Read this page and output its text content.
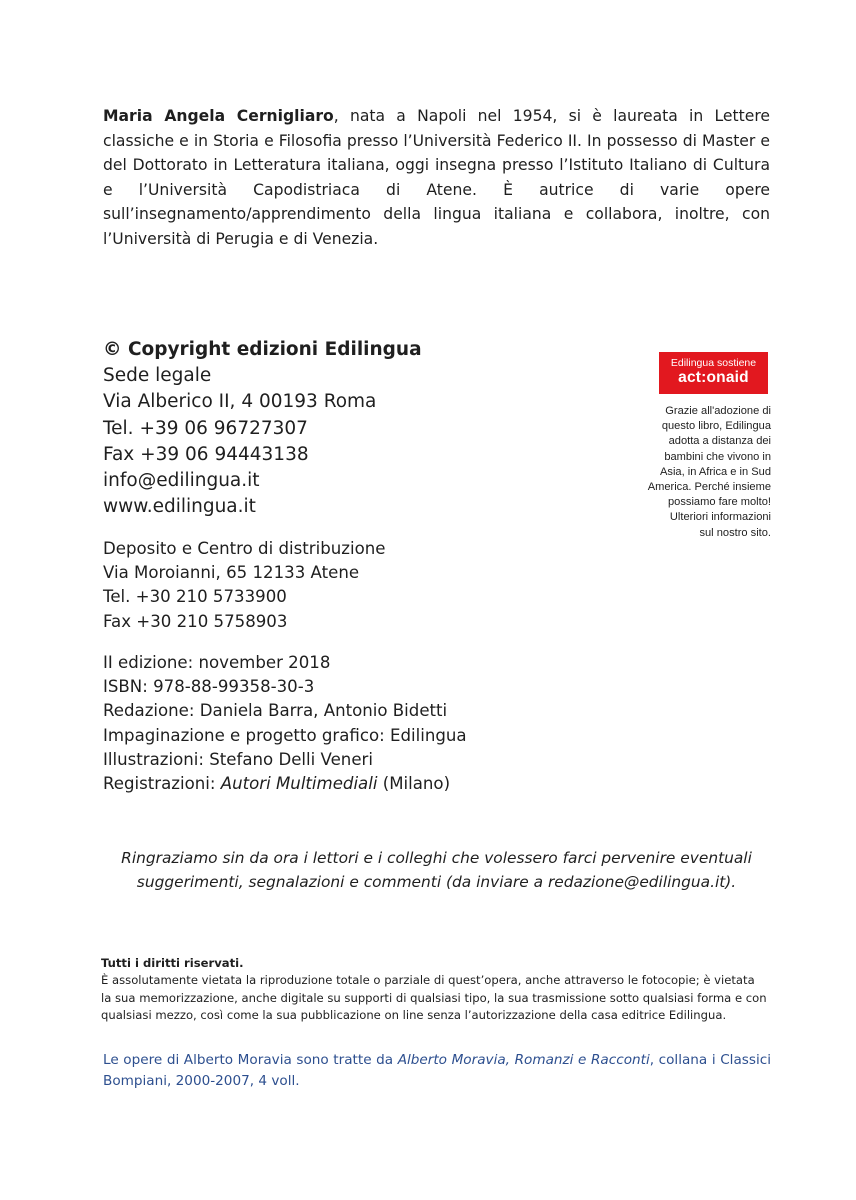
Maria Angela Cernigliaro, nata a Napoli nel 1954, si è laureata in Lettere classiche e in Storia e Filosofia presso l’Università Federico II. In possesso di Master e del Dottorato in Letteratura italiana, oggi insegna presso l’Istituto Italiano di Cultura e l’Università Capodistriaca di Atene. È autrice di varie opere sull’insegnamento/apprendimento della lingua italiana e collabora, inoltre, con l’Università di Perugia e di Venezia.

© Copyright edizioni Edilingua
Sede legale
Via Alberico II, 4 00193 Roma
Tel. +39 06 96727307
Fax +39 06 94443138
info@edilingua.it
www.edilingua.it
Deposito e Centro di distribuzione
Via Moroianni, 65 12133 Atene
Tel. +30 210 5733900
Fax +30 210 5758903
II edizione: november 2018
ISBN: 978-88-99358-30-3
Redazione: Daniela Barra, Antonio Bidetti
Impaginazione e progetto grafico: Edilingua
Illustrazioni: Stefano Delli Veneri
Registrazioni: Autori Multimediali (Milano)
Edilingua sostiene
act:onaid
Grazie all'adozione di
questo libro, Edilingua
adotta a distanza dei
bambini che vivono in
Asia, in Africa e in Sud
America. Perché insieme
possiamo fare molto!
Ulteriori informazioni
sul nostro sito.
Ringraziamo sin da ora i lettori e i colleghi che volessero farci pervenire eventuali
suggerimenti, segnalazioni e commenti (da inviare a redazione@edilingua.it).
Tutti i diritti riservati.
È assolutamente vietata la riproduzione totale o parziale di quest’opera, anche attraverso le fotocopie; è vietata
la sua memorizzazione, anche digitale su supporti di qualsiasi tipo, la sua trasmissione sotto qualsiasi forma e con
qualsiasi mezzo, così come la sua pubblicazione on line senza l’autorizzazione della casa editrice Edilingua.

Le opere di Alberto Moravia sono tratte da Alberto Moravia, Romanzi e Racconti, collana i Classici Bompiani, 2000-2007, 4 voll.
